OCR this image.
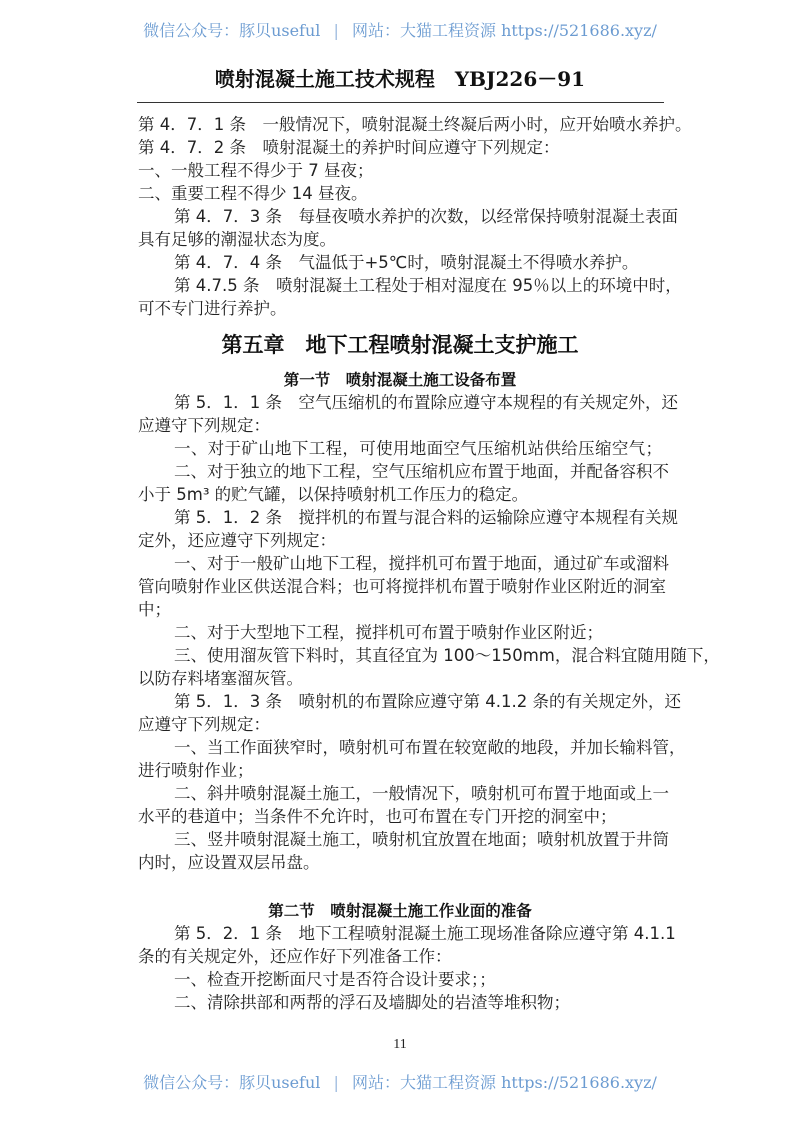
微信公众号：豚贝useful | 网站：大猫工程资源 https://521686.xyz/
喷射混凝土施工技术规程　YBJ226－91
第 4．7．1 条　一般情况下，喷射混凝土终凝后两小时，应开始喷水养护。
第 4．7．2 条　喷射混凝土的养护时间应遵守下列规定：
一、一般工程不得少于 7 昼夜；
二、重要工程不得少 14 昼夜。
第 4．7．3 条　每昼夜喷水养护的次数，以经常保持喷射混凝土表面
具有足够的潮湿状态为度。
第 4．7．4 条　气温低于+5℃时，喷射混凝土不得喷水养护。
第 4.7.5 条　喷射混凝土工程处于相对湿度在 95％以上的环境中时，
可不专门进行养护。
第 5．1．1 条　空气压缩机的布置除应遵守本规程的有关规定外，还
应遵守下列规定：
一、对于矿山地下工程，可使用地面空气压缩机站供给压缩空气；
二、对于独立的地下工程，空气压缩机应布置于地面，并配备容积不
小于 5m³ 的贮气罐，以保持喷射机工作压力的稳定。
第 5．1．2 条　搅拌机的布置与混合料的运输除应遵守本规程有关规
定外，还应遵守下列规定：
一、对于一般矿山地下工程，搅拌机可布置于地面，通过矿车或溜料
管向喷射作业区供送混合料；也可将搅拌机布置于喷射作业区附近的洞室
中；
二、对于大型地下工程，搅拌机可布置于喷射作业区附近；
三、使用溜灰管下料时，其直径宜为 100～150mm，混合料宜随用随下，
以防存料堵塞溜灰管。
第 5．1．3 条　喷射机的布置除应遵守第 4.1.2 条的有关规定外，还
应遵守下列规定：
一、当工作面狭窄时，喷射机可布置在较宽敞的地段，并加长输料管，
进行喷射作业；
二、斜井喷射混凝土施工，一般情况下，喷射机可布置于地面或上一
水平的巷道中；当条件不允许时，也可布置在专门开挖的洞室中；
三、竖井喷射混凝土施工，喷射机宜放置在地面；喷射机放置于井筒
内时，应设置双层吊盘。
第 5．2．1 条　地下工程喷射混凝土施工现场准备除应遵守第 4.1.1
条的有关规定外，还应作好下列准备工作：
一、检查开挖断面尺寸是否符合设计要求；；
二、清除拱部和两帮的浮石及墙脚处的岩渣等堆积物；
第五章　地下工程喷射混凝土支护施工
第一节　喷射混凝土施工设备布置
第二节　喷射混凝土施工作业面的准备
11
微信公众号：豚贝useful | 网站：大猫工程资源 https://521686.xyz/
